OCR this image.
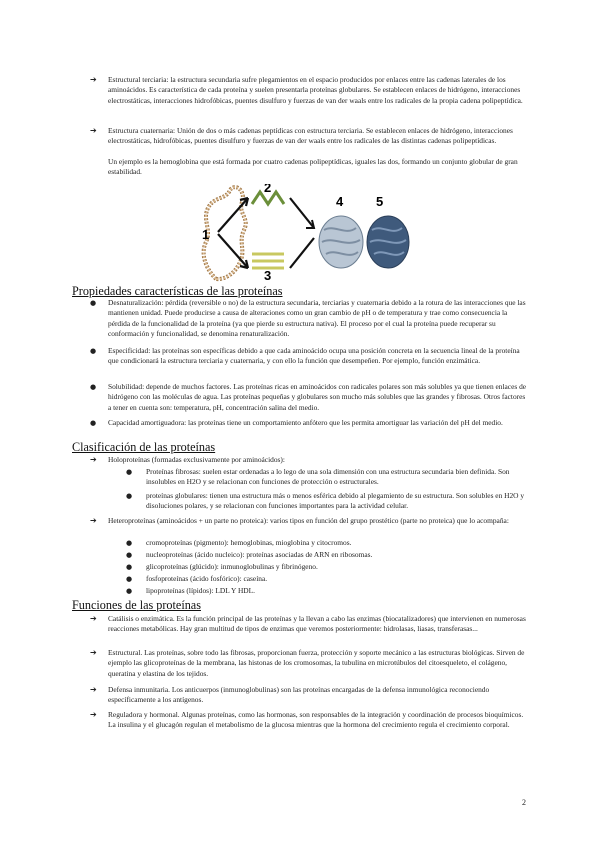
➔ Estructural terciaria: la estructura secundaria sufre plegamientos en el espacio producidos por enlaces entre las cadenas laterales de los aminoácidos. Es característica de cada proteína y suelen presentarla proteínas globulares. Se establecen enlaces de hidrógeno, interacciones electrostáticas, interacciones hidrofóbicas, puentes disulfuro y fuerzas de van der waals entre los radicales de la propia cadena polipeptídica.
➔ Estructura cuaternaria: Unión de dos o más cadenas peptídicas con estructura terciaria. Se establecen enlaces de hidrógeno, interacciones electrostáticas, hidrofóbicas, puentes disulfuro y fuerzas de van der waals entre los radicales de las distintas cadenas polipeptídicas.
Un ejemplo es la hemoglobina que está formada por cuatro cadenas polipeptídicas, iguales las dos, formando un conjunto globular de gran estabilidad.
1
2
3
4	5
Propiedades características de las proteínas
● Desnaturalización: pérdida (reversible o no) de la estructura secundaria, terciarias y cuaternaria debido a la rotura de las interacciones que las mantienen unidad. Puede producirse a causa de alteraciones como un gran cambio de pH o de temperatura y trae como consecuencia la pérdida de la funcionalidad de la proteína (ya que pierde su estructura nativa). El proceso por el cual la proteína puede recuperar su conformación y funcionalidad, se denomina renaturalización.
● Especificidad: las proteínas son específicas debido a que cada aminoácido ocupa una posición concreta en la secuencia lineal de la proteína que condicionará la estructura terciaria y cuaternaria, y con ello la función que desempeñen. Por ejemplo, función enzimática.
● Solubilidad: depende de muchos factores. Las proteínas ricas en aminoácidos con radicales polares son más solubles ya que tienen enlaces de hidrógeno con las moléculas de agua. Las proteínas pequeñas y globulares son mucho más solubles que las grandes y fibrosas. Otros factores a tener en cuenta son: temperatura, pH, concentración salina del medio.
● Capacidad amortiguadora: las proteínas tiene un comportamiento anfótero que les permita amortiguar las variación del pH del medio.
Clasificación de las proteínas
➔ Holoproteínas (formadas exclusivamente por aminoácidos):
● Proteínas fibrosas: suelen estar ordenadas a lo lego de una sola dimensión con una estructura secundaria bien definida. Son insolubles en H2O y se relacionan con funciones de protección o estructurales.
● proteínas globulares: tienen una estructura más o menos esférica debido al plegamiento de su estructura. Son solubles en H2O y disoluciones polares, y se relacionan con funciones importantes para la actividad celular.
➔ Heteroproteínas (aminoácidos + un parte no proteica): varios tipos en función del grupo prostético (parte no proteica) que lo acompaña:
● cromoproteínas (pigmento): hemoglobinas, mioglobina y citocromos.
● nucleoproteínas (ácido nucleico): proteínas asociadas de ARN en ribosomas.
● glicoproteínas (glúcido): inmunoglobulinas y fibrinógeno.
● fosfoproteínas (ácido fosfórico): caseína.
● lipoproteínas (lípidos): LDL Y HDL.
Funciones de las proteínas
➔ Catálisis o enzimática. Es la función principal de las proteínas y la llevan a cabo las enzimas (biocatalizadores) que intervienen en numerosas reacciones metabólicas. Hay gran multitud de tipos de enzimas que veremos posteriormente: hidrolasas, liasas, transferasas...
➔ Estructural. Las proteínas, sobre todo las fibrosas, proporcionan fuerza, protección y soporte mecánico a las estructuras biológicas. Sirven de ejemplo las glicoproteínas de la membrana, las histonas de los cromosomas, la tubulina en microtúbulos del citoesqueleto, el colágeno, queratina y elastina de los tejidos.
➔ Defensa inmunitaria. Los anticuerpos (inmunoglobulinas) son las proteínas encargadas de la defensa inmunológica reconociendo específicamente a los antígenos.
➔ Reguladora y hormonal. Algunas proteínas, como las hormonas, son responsables de la integración y coordinación de procesos bioquímicos. La insulina y el glucagón regulan el metabolismo de la glucosa mientras que la hormona del crecimiento regula el crecimiento corporal.
2
